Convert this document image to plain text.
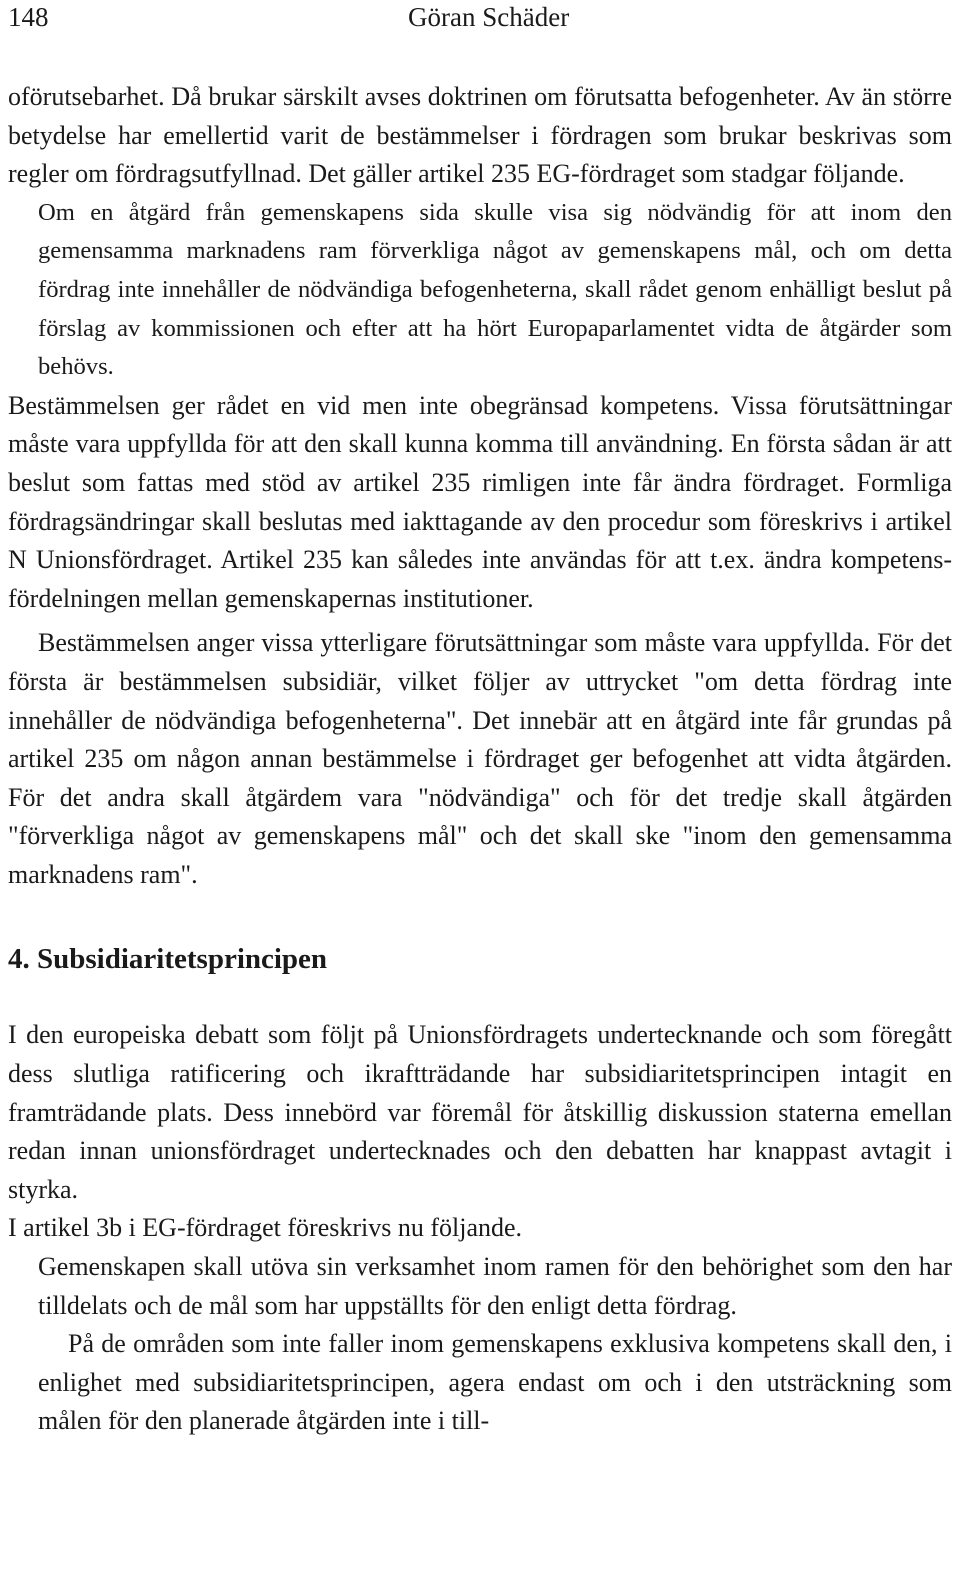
148	Göran Schäder

oförutsebarhet. Då brukar särskilt avses doktrinen om förutsatta befogenheter. Av än större betydelse har emellertid varit de bestämmelser i fördragen som brukar beskrivas som regler om fördragsutfyllnad. Det gäller artikel 235 EG-fördraget som stadgar följande.

Om en åtgärd från gemenskapens sida skulle visa sig nödvändig för att inom den gemensamma marknadens ram förverkliga något av gemenskapens mål, och om detta fördrag inte innehåller de nödvändiga befogenheterna, skall rådet genom enhälligt beslut på förslag av kommissionen och efter att ha hört Europaparlamentet vidta de åtgärder som behövs.

Bestämmelsen ger rådet en vid men inte obegränsad kompetens. Vissa förutsättningar måste vara uppfyllda för att den skall kunna komma till användning. En första sådan är att beslut som fattas med stöd av artikel 235 rimligen inte får ändra fördraget. Formliga fördragsändringar skall beslutas med iakttagande av den procedur som föreskrivs i artikel N Unionsfördraget. Artikel 235 kan således inte användas för att t.ex. ändra kompetensfördelningen mellan gemenskapernas institutioner.

Bestämmelsen anger vissa ytterligare förutsättningar som måste vara uppfyllda. För det första är bestämmelsen subsidiär, vilket följer av uttrycket "om detta fördrag inte innehåller de nödvändiga befogenheterna". Det innebär att en åtgärd inte får grundas på artikel 235 om någon annan bestämmelse i fördraget ger befogenhet att vidta åtgärden. För det andra skall åtgärdem vara "nödvändiga" och för det tredje skall åtgärden "förverkliga något av gemenskapens mål" och det skall ske "inom den gemensamma marknadens ram".

4. Subsidiaritetsprincipen

I den europeiska debatt som följt på Unionsfördragets undertecknande och som föregått dess slutliga ratificering och ikraftträdande har subsidiaritetsprincipen intagit en framträdande plats. Dess innebörd var föremål för åtskillig diskussion staterna emellan redan innan unionsfördraget undertecknades och den debatten har knappast avtagit i styrka.

I artikel 3b i EG-fördraget föreskrivs nu följande.

Gemenskapen skall utöva sin verksamhet inom ramen för den behörighet som den har tilldelats och de mål som har uppställts för den enligt detta fördrag.

På de områden som inte faller inom gemenskapens exklusiva kompetens skall den, i enlighet med subsidiaritetsprincipen, agera endast om och i den utsträckning som målen för den planerade åtgärden inte i till-
